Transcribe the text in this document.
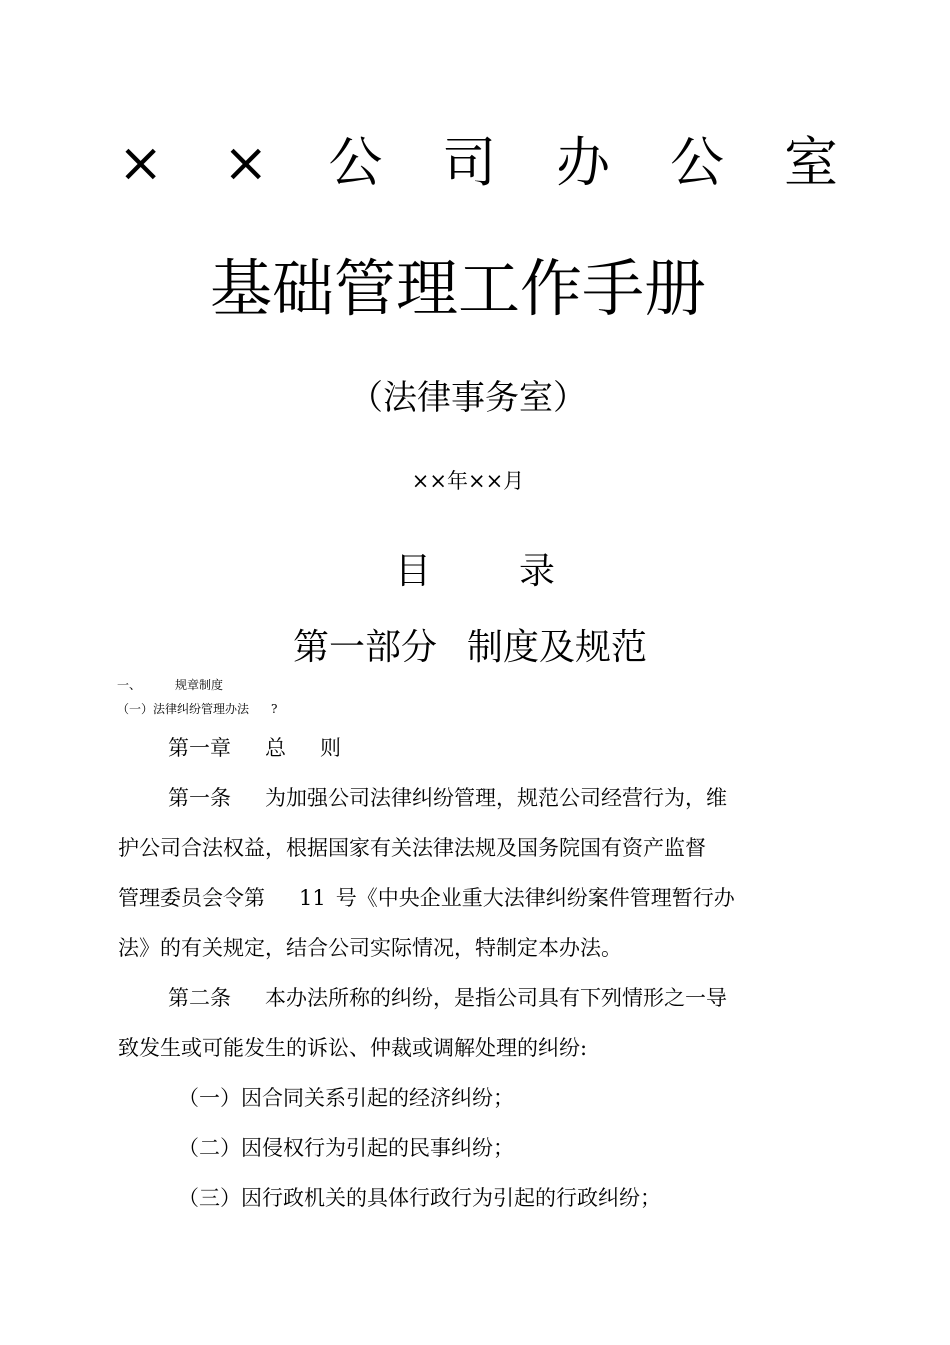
× × 公 司 办 公 室
基础管理工作手册
（法律事务室）
××年××月
目 录
第一部分 制度及规范
一、	规章制度
（一）法律纠纷管理办法 ?
第一章 总 则
第一条 为加强公司法律纠纷管理，规范公司经营行为，维
护公司合法权益，根据国家有关法律法规及国务院国有资产监督
管理委员会令第 11 号《中央企业重大法律纠纷案件管理暂行办
法》的有关规定，结合公司实际情况，特制定本办法。
第二条 本办法所称的纠纷，是指公司具有下列情形之一导
致发生或可能发生的诉讼、仲裁或调解处理的纠纷:
（一）因合同关系引起的经济纠纷；
（二）因侵权行为引起的民事纠纷；
（三）因行政机关的具体行政行为引起的行政纠纷；
